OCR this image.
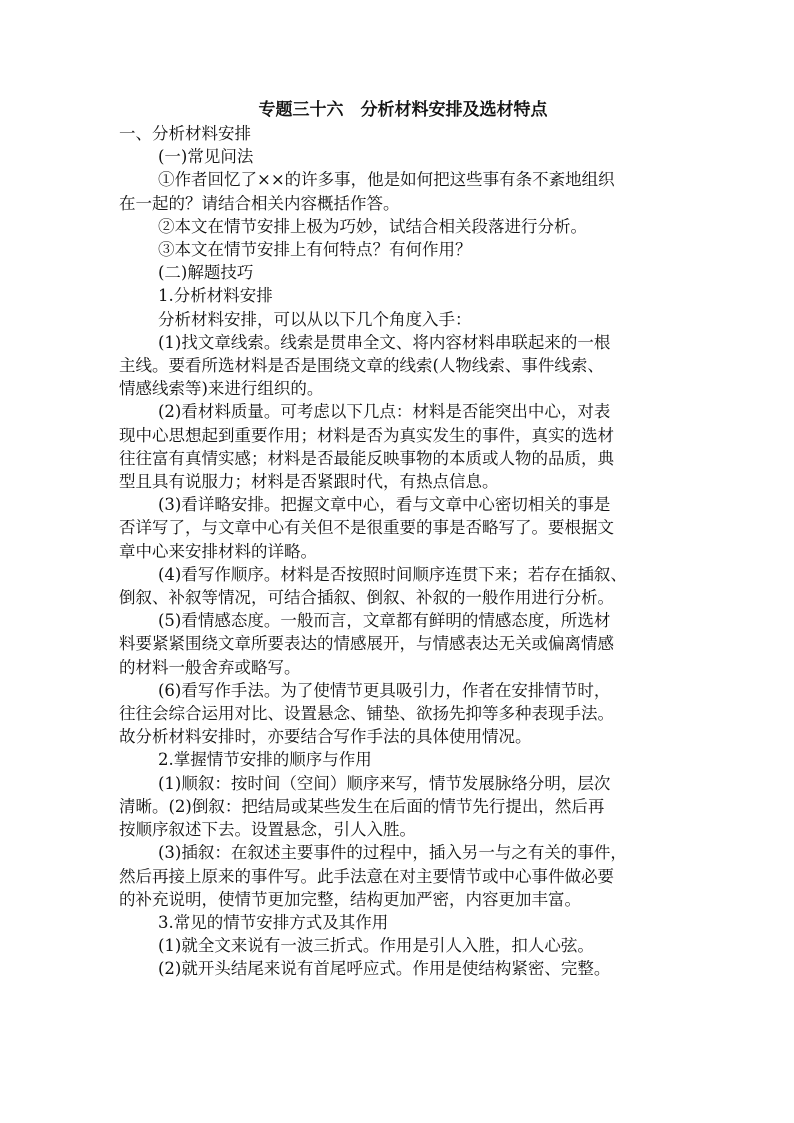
专题三十六　分析材料安排及选材特点

一、分析材料安排

(一)常见问法

①作者回忆了××的许多事，他是如何把这些事有条不紊地组织

在一起的？请结合相关内容概括作答。

②本文在情节安排上极为巧妙，试结合相关段落进行分析。

③本文在情节安排上有何特点？有何作用？

(二)解题技巧

1.分析材料安排

分析材料安排，可以从以下几个角度入手：

(1)找文章线索。线索是贯串全文、将内容材料串联起来的一根

主线。要看所选材料是否是围绕文章的线索(人物线索、事件线索、

情感线索等)来进行组织的。

(2)看材料质量。可考虑以下几点：材料是否能突出中心，对表

现中心思想起到重要作用；材料是否为真实发生的事件，真实的选材

往往富有真情实感；材料是否最能反映事物的本质或人物的品质，典

型且具有说服力；材料是否紧跟时代，有热点信息。

(3)看详略安排。把握文章中心，看与文章中心密切相关的事是

否详写了，与文章中心有关但不是很重要的事是否略写了。要根据文

章中心来安排材料的详略。

(4)看写作顺序。材料是否按照时间顺序连贯下来；若存在插叙、

倒叙、补叙等情况，可结合插叙、倒叙、补叙的一般作用进行分析。

(5)看情感态度。一般而言，文章都有鲜明的情感态度，所选材

料要紧紧围绕文章所要表达的情感展开，与情感表达无关或偏离情感

的材料一般舍弃或略写。

(6)看写作手法。为了使情节更具吸引力，作者在安排情节时，

往往会综合运用对比、设置悬念、铺垫、欲扬先抑等多种表现手法。

故分析材料安排时，亦要结合写作手法的具体使用情况。

2.掌握情节安排的顺序与作用

(1)顺叙：按时间（空间）顺序来写，情节发展脉络分明，层次

清晰。(2)倒叙：把结局或某些发生在后面的情节先行提出，然后再

按顺序叙述下去。设置悬念，引人入胜。

(3)插叙：在叙述主要事件的过程中，插入另一与之有关的事件，

然后再接上原来的事件写。此手法意在对主要情节或中心事件做必要

的补充说明，使情节更加完整，结构更加严密，内容更加丰富。

3.常见的情节安排方式及其作用

(1)就全文来说有一波三折式。作用是引人入胜，扣人心弦。

(2)就开头结尾来说有首尾呼应式。作用是使结构紧密、完整。
